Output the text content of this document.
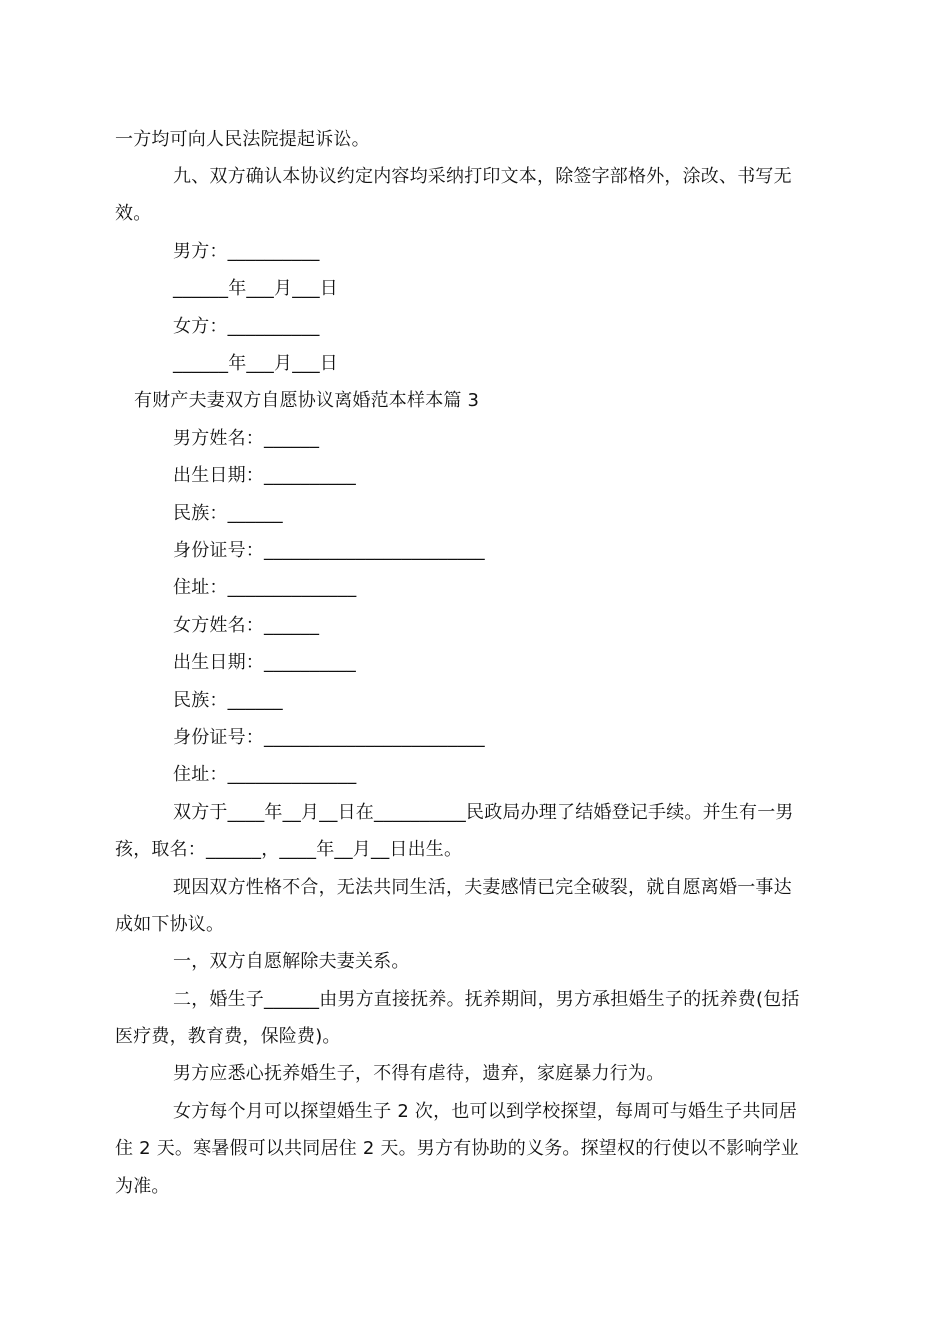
一方均可向人民法院提起诉讼。
九、双方确认本协议约定内容均采纳打印文本，除签字部格外，涂改、书写无
效。
男方：__________
______年___月___日
女方：__________
______年___月___日
有财产夫妻双方自愿协议离婚范本样本篇 3
男方姓名：______
出生日期：__________
民族：______
身份证号：________________________
住址：______________
女方姓名：______
出生日期：__________
民族：______
身份证号：________________________
住址：______________
双方于____年__月__日在__________民政局办理了结婚登记手续。并生有一男
孩，取名：______，____年__月__日出生。
现因双方性格不合，无法共同生活，夫妻感情已完全破裂，就自愿离婚一事达
成如下协议。
一，双方自愿解除夫妻关系。
二，婚生子______由男方直接抚养。抚养期间，男方承担婚生子的抚养费(包括
医疗费，教育费，保险费)。
男方应悉心抚养婚生子，不得有虐待，遗弃，家庭暴力行为。
女方每个月可以探望婚生子 2 次，也可以到学校探望，每周可与婚生子共同居
住 2 天。寒暑假可以共同居住 2 天。男方有协助的义务。探望权的行使以不影响学业
为准。
